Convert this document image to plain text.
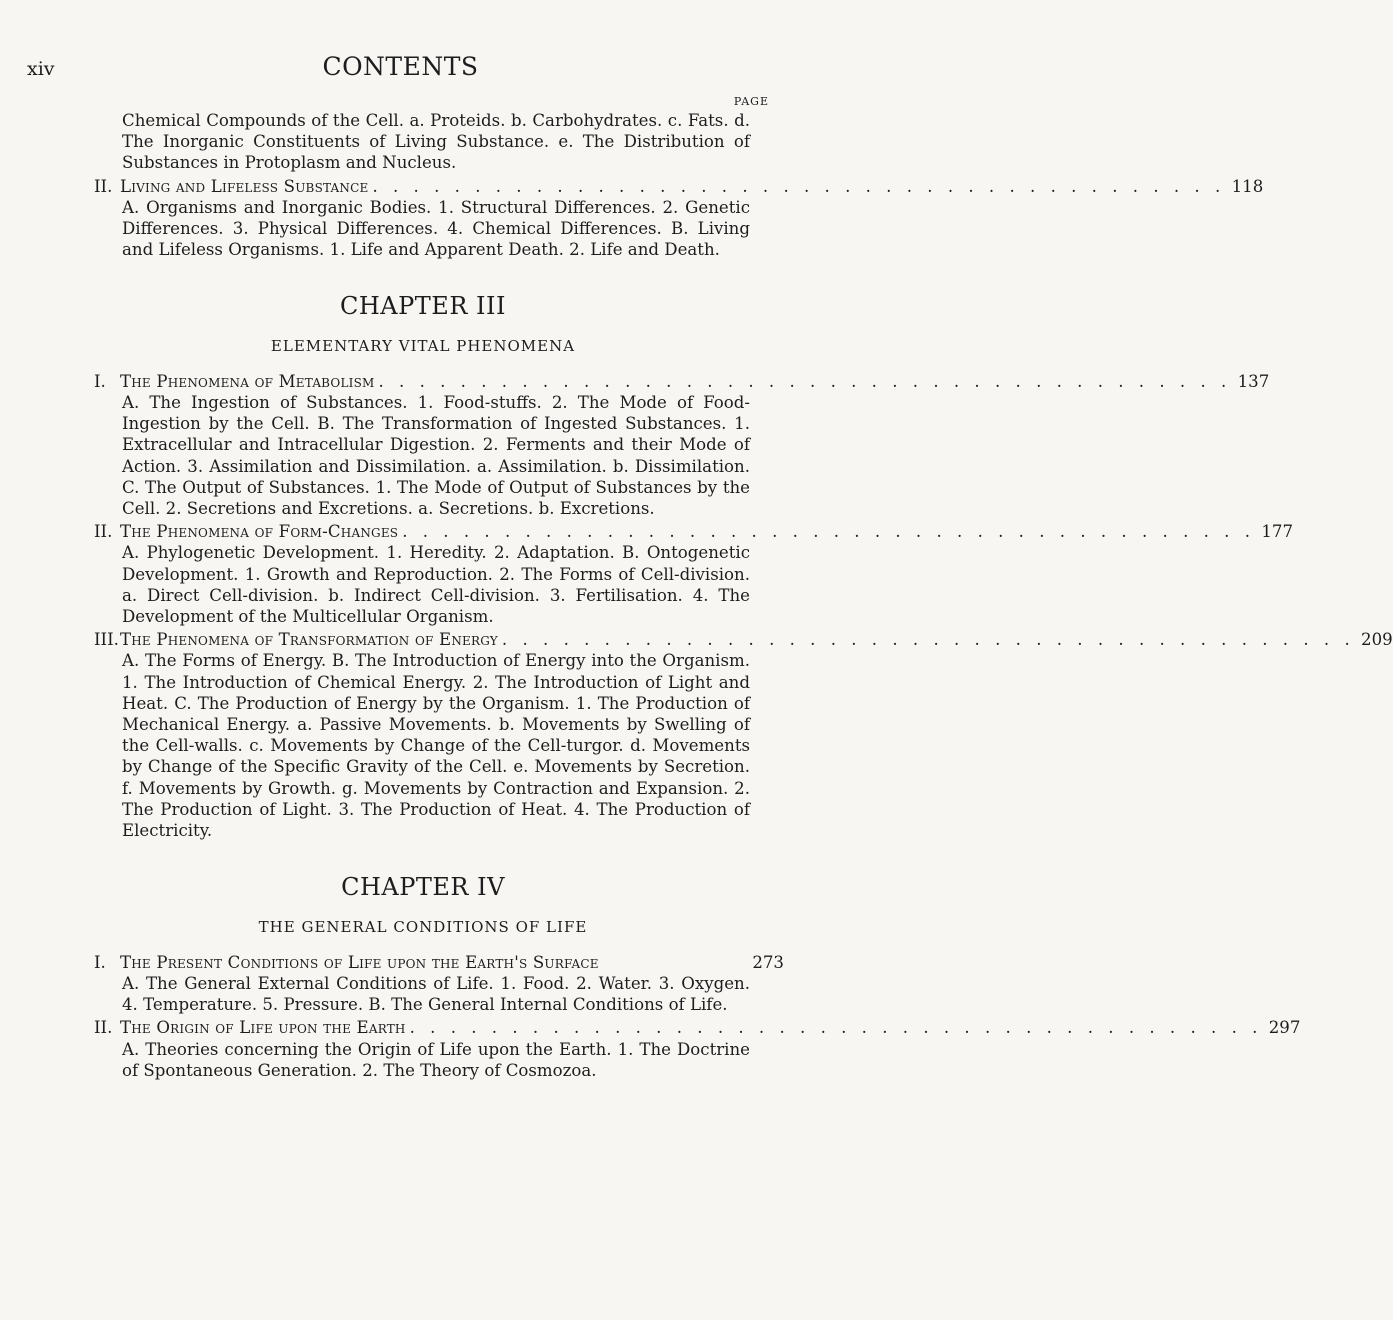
xiv	CONTENTS
PAGE

Chemical Compounds of the Cell. a. Proteids. b. Carbohydrates. c. Fats. d. The Inorganic Constituents of Living Substance. e. The Distribution of Substances in Protoplasm and Nucleus.

II. Living and Lifeless Substance . . . . . . . . . . . . . . . . . . . . . . . . . . . . . . . . . . . . . . . . . . 118

A. Organisms and Inorganic Bodies. 1. Structural Differences. 2. Genetic Differences. 3. Physical Differences. 4. Chemical Differences. B. Living and Lifeless Organisms. 1. Life and Apparent Death. 2. Life and Death.

CHAPTER III
ELEMENTARY VITAL PHENOMENA
I. The Phenomena of Metabolism . . . . . . . . . . . . . . . . . . . . . . . . . . . . . . . . . . . . . . . . . . 137

A. The Ingestion of Substances. 1. Food-stuffs. 2. The Mode of Food-Ingestion by the Cell. B. The Transformation of Ingested Substances. 1. Extracellular and Intracellular Digestion. 2. Ferments and their Mode of Action. 3. Assimilation and Dissimilation. a. Assimilation. b. Dissimilation. C. The Output of Substances. 1. The Mode of Output of Substances by the Cell. 2. Secretions and Excretions. a. Secretions. b. Excretions.

II. The Phenomena of Form-Changes . . . . . . . . . . . . . . . . . . . . . . . . . . . . . . . . . . . . . . . . . . 177

A. Phylogenetic Development. 1. Heredity. 2. Adaptation. B. Ontogenetic Development. 1. Growth and Reproduction. 2. The Forms of Cell-division. a. Direct Cell-division. b. Indirect Cell-division. 3. Fertilisation. 4. The Development of the Multicellular Organism.

III. The Phenomena of Transformation of Energy . . . . . . . . . . . . . . . . . . . . . . . . . . . . . . . . . . . . . . . . . . 209

A. The Forms of Energy. B. The Introduction of Energy into the Organism. 1. The Introduction of Chemical Energy. 2. The Introduction of Light and Heat. C. The Production of Energy by the Organism. 1. The Production of Mechanical Energy. a. Passive Movements. b. Movements by Swelling of the Cell-walls. c. Movements by Change of the Cell-turgor. d. Movements by Change of the Specific Gravity of the Cell. e. Movements by Secretion. f. Movements by Growth. g. Movements by Contraction and Expansion. 2. The Production of Light. 3. The Production of Heat. 4. The Production of Electricity.

CHAPTER IV
THE GENERAL CONDITIONS OF LIFE
I. The Present Conditions of Life upon the Earth's Surface	273

A. The General External Conditions of Life. 1. Food. 2. Water. 3. Oxygen. 4. Temperature. 5. Pressure. B. The General Internal Conditions of Life.

II. The Origin of Life upon the Earth . . . . . . . . . . . . . . . . . . . . . . . . . . . . . . . . . . . . . . . . . . 297

A. Theories concerning the Origin of Life upon the Earth. 1. The Doctrine of Spontaneous Generation. 2. The Theory of Cosmozoa.
